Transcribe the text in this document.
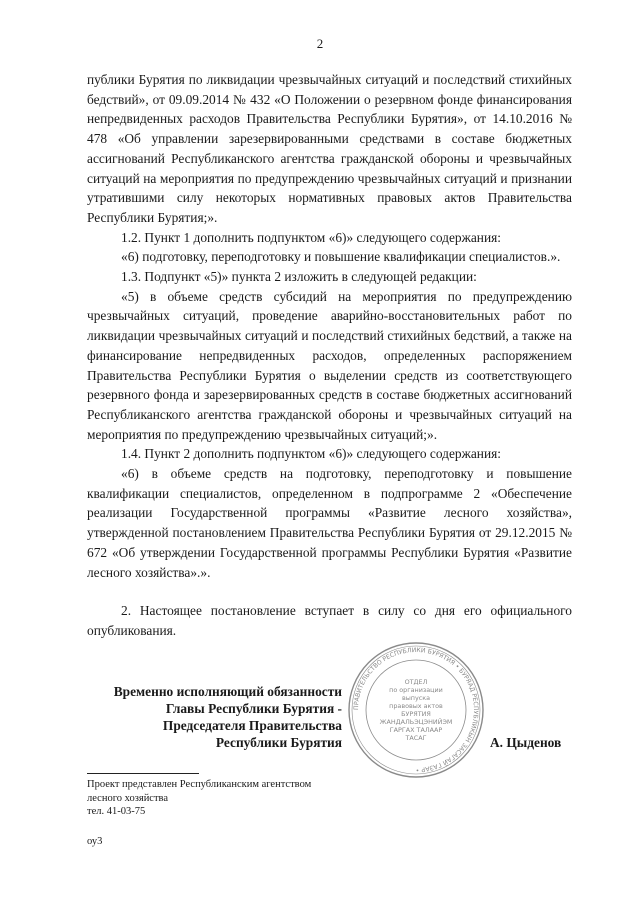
2

публики Бурятия по ликвидации чрезвычайных ситуаций и последствий стихийных бедствий», от 09.09.2014 № 432 «О Положении о резервном фонде финансирования непредвиденных расходов Правительства Республики Бурятия», от 14.10.2016 № 478 «Об управлении зарезервированными средствами в составе бюджетных ассигнований Республиканского агентства гражданской обороны и чрезвычайных ситуаций на мероприятия по предупреждению чрезвычайных ситуаций и признании утратившими силу некоторых нормативных правовых актов Правительства Республики Бурятия;».

1.2. Пункт 1 дополнить подпунктом «6)» следующего содержания:

«6) подготовку, переподготовку и повышение квалификации специалистов.».

1.3. Подпункт «5)» пункта 2 изложить в следующей редакции:

«5) в объеме средств субсидий на мероприятия по предупреждению чрезвычайных ситуаций, проведение аварийно-восстановительных работ по ликвидации чрезвычайных ситуаций и последствий стихийных бедствий, а также на финансирование непредвиденных расходов, определенных распоряжением Правительства Республики Бурятия о выделении средств из соответствующего резервного фонда и зарезервированных средств в составе бюджетных ассигнований Республиканского агентства гражданской обороны и чрезвычайных ситуаций на мероприятия по предупреждению чрезвычайных ситуаций;».

1.4. Пункт 2 дополнить подпунктом «6)» следующего содержания:

«6) в объеме средств на подготовку, переподготовку и повышение квалификации специалистов, определенном в подпрограмме 2 «Обеспечение реализации Государственной программы «Развитие лесного хозяйства», утвержденной постановлением Правительства Республики Бурятия от 29.12.2015 № 672 «Об утверждении Государственной программы Республики Бурятия «Развитие лесного хозяйства».».

2. Настоящее постановление вступает в силу со дня его официального опубликования.

Временно исполняющий обязанности
Главы Республики Бурятия -
Председателя Правительства
Республики Бурятия	А. Цыденов
ПРАВИТЕЛЬСТВО РЕСПУБЛИКИ БУРЯТИЯ • БУРЯАД РЕСПУБЛИКЫН ЗАСАГАЙ ГАЗАР •
ОТДЕЛ
по организации
выпуска
правовых актов
БУРЯТИЯ
ЖАНДАЛЬЭЦЭНИЙЭМ
ГАРГАХ ТАЛААР
ТАСАГ
Проект представлен Республиканским агентством
лесного хозяйства
тел. 41-03-75
оу3
